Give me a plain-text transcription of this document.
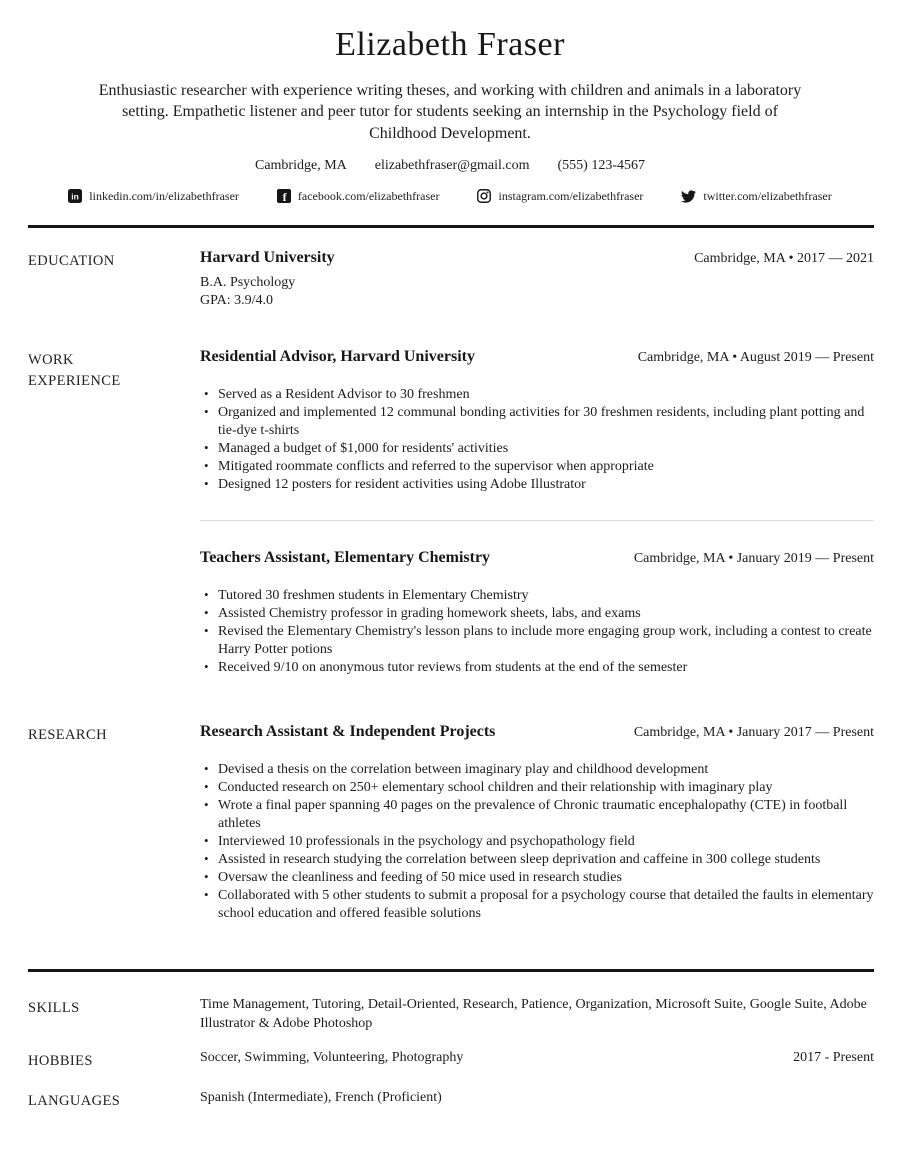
Elizabeth Fraser
Enthusiastic researcher with experience writing theses, and working with children and animals in a laboratory setting. Empathetic listener and peer tutor for students seeking an internship in the Psychology field of Childhood Development.
Cambridge, MA elizabethfraser@gmail.com (555) 123-4567
in linkedin.com/in/elizabethfraser	f facebook.com/elizabethfraser	instagram.com/elizabethfraser	twitter.com/elizabethfraser
EDUCATION	Harvard University	Cambridge, MA • 2017 — 2021
B.A. Psychology
GPA: 3.9/4.0
WORK EXPERIENCE
Residential Advisor, Harvard University	Cambridge, MA • August 2019 — Present
• Served as a Resident Advisor to 30 freshmen
• Organized and implemented 12 communal bonding activities for 30 freshmen residents, including plant potting and tie-dye t-shirts
• Managed a budget of $1,000 for residents' activities
• Mitigated roommate conflicts and referred to the supervisor when appropriate
• Designed 12 posters for resident activities using Adobe Illustrator
Teachers Assistant, Elementary Chemistry	Cambridge, MA • January 2019 — Present
• Tutored 30 freshmen students in Elementary Chemistry
• Assisted Chemistry professor in grading homework sheets, labs, and exams
• Revised the Elementary Chemistry's lesson plans to include more engaging group work, including a contest to create Harry Potter potions
• Received 9/10 on anonymous tutor reviews from students at the end of the semester
RESEARCH	Research Assistant & Independent Projects	Cambridge, MA • January 2017 — Present
• Devised a thesis on the correlation between imaginary play and childhood development
• Conducted research on 250+ elementary school children and their relationship with imaginary play
• Wrote a final paper spanning 40 pages on the prevalence of Chronic traumatic encephalopathy (CTE) in football athletes
• Interviewed 10 professionals in the psychology and psychopathology field
• Assisted in research studying the correlation between sleep deprivation and caffeine in 300 college students
• Oversaw the cleanliness and feeding of 50 mice used in research studies
• Collaborated with 5 other students to submit a proposal for a psychology course that detailed the faults in elementary school education and offered feasible solutions
SKILLS	Time Management, Tutoring, Detail-Oriented, Research, Patience, Organization, Microsoft Suite, Google Suite, Adobe Illustrator & Adobe Photoshop
HOBBIES	Soccer, Swimming, Volunteering, Photography	2017 - Present
LANGUAGES	Spanish (Intermediate), French (Proficient)
